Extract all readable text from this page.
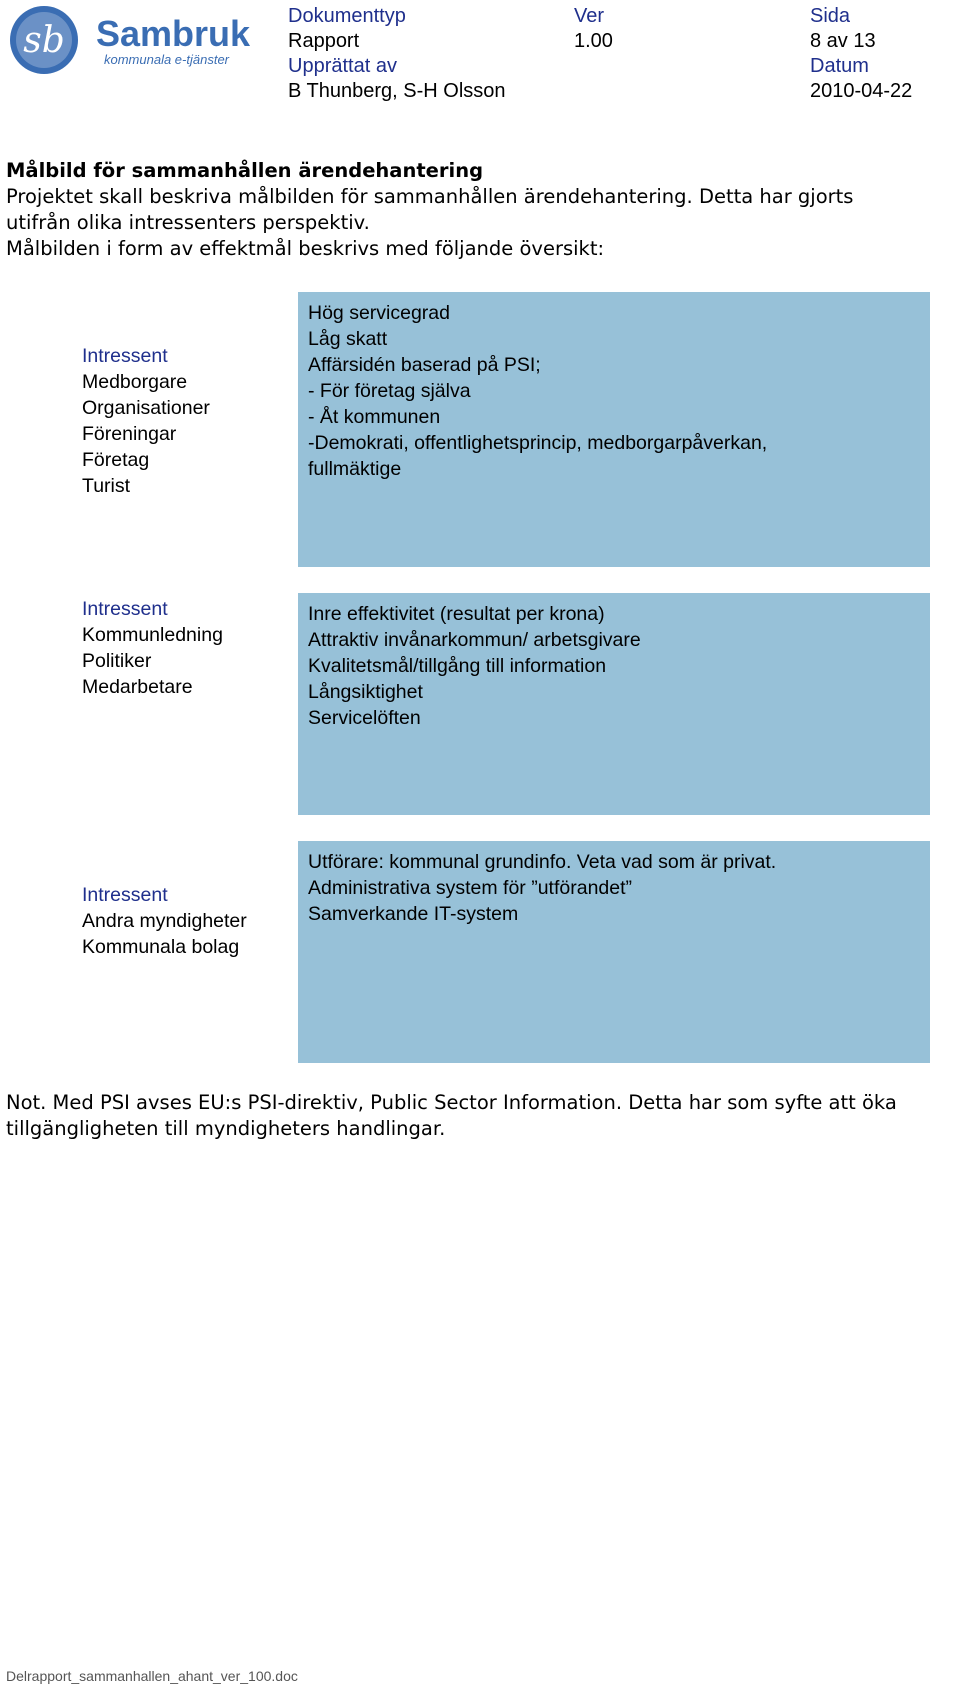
sb Sambruk
kommunala e-tjänster
Dokumenttyp
Rapport
Ver
1.00
Sida
8 av 13
Upprättat av
B Thunberg, S-H Olsson
Datum
2010-04-22
Målbild för sammanhållen ärendehantering
Projektet skall beskriva målbilden för sammanhållen ärendehantering. Detta har gjorts
utifrån olika intressenters perspektiv.
Målbilden i form av effektmål beskrivs med följande översikt:
Intressent
Medborgare
Organisationer
Föreningar
Företag
Turist
Hög servicegrad
Låg skatt
Affärsidén baserad på PSI;
- För företag själva
- Åt kommunen
-Demokrati, offentlighetsprincip, medborgarpåverkan,
fullmäktige
Intressent
Kommunledning
Politiker
Medarbetare
Inre effektivitet (resultat per krona)
Attraktiv invånarkommun/ arbetsgivare
Kvalitetsmål/tillgång till information
Långsiktighet
Servicelöften
Intressent
Andra myndigheter
Kommunala bolag
Utförare: kommunal grundinfo. Veta vad som är privat.
Administrativa system för ”utförandet”
Samverkande IT-system
Not. Med PSI avses EU:s PSI-direktiv, Public Sector Information. Detta har som syfte att öka
tillgängligheten till myndigheters handlingar.
Delrapport_sammanhallen_ahant_ver_100.doc
